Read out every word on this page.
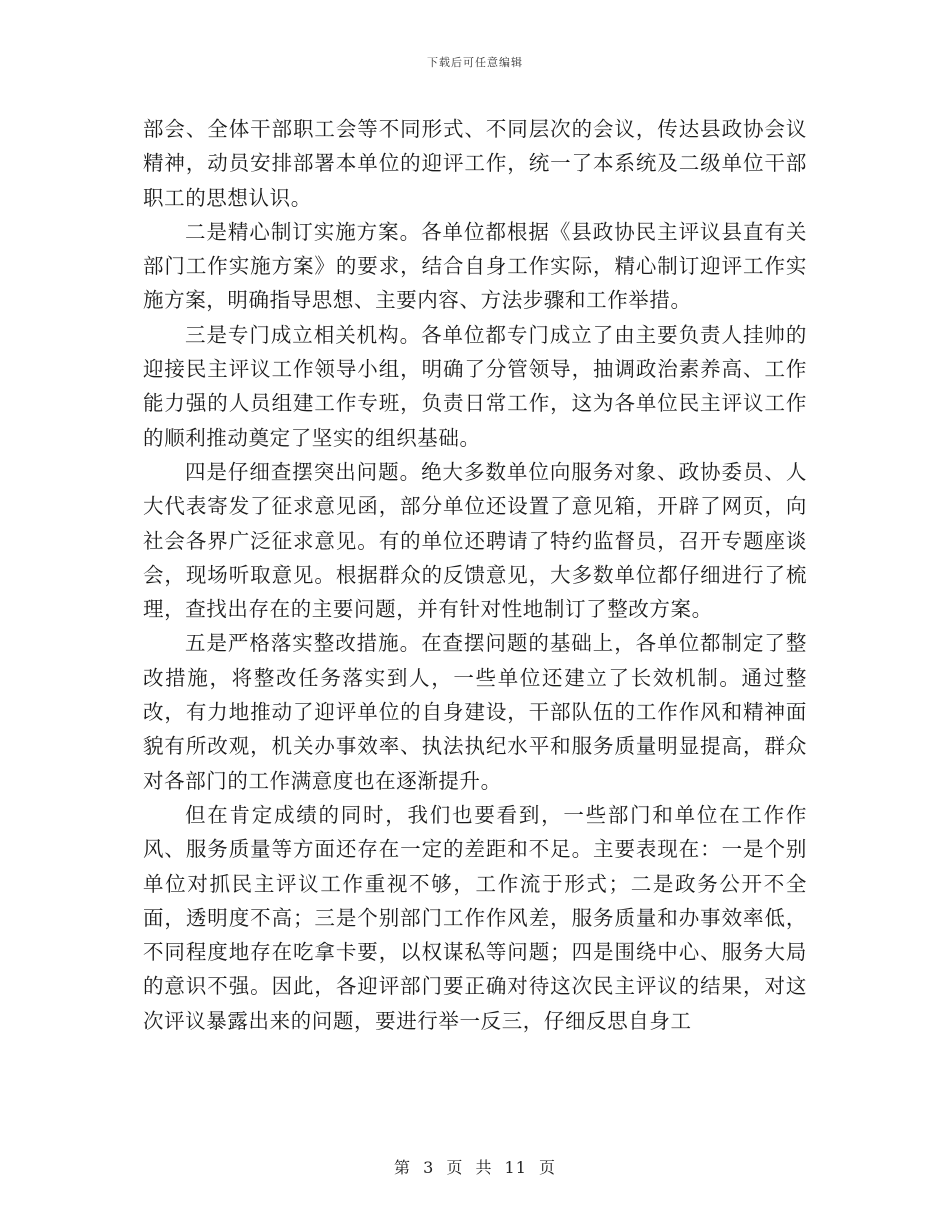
下载后可任意编辑

部会、全体干部职工会等不同形式、不同层次的会议，传达县政协会议精神，动员安排部署本单位的迎评工作，统一了本系统及二级单位干部职工的思想认识。

二是精心制订实施方案。各单位都根据《县政协民主评议县直有关部门工作实施方案》的要求，结合自身工作实际，精心制订迎评工作实施方案，明确指导思想、主要内容、方法步骤和工作举措。

三是专门成立相关机构。各单位都专门成立了由主要负责人挂帅的迎接民主评议工作领导小组，明确了分管领导，抽调政治素养高、工作能力强的人员组建工作专班，负责日常工作，这为各单位民主评议工作的顺利推动奠定了坚实的组织基础。

四是仔细查摆突出问题。绝大多数单位向服务对象、政协委员、人大代表寄发了征求意见函，部分单位还设置了意见箱，开辟了网页，向社会各界广泛征求意见。有的单位还聘请了特约监督员，召开专题座谈会，现场听取意见。根据群众的反馈意见，大多数单位都仔细进行了梳理，查找出存在的主要问题，并有针对性地制订了整改方案。

五是严格落实整改措施。在查摆问题的基础上，各单位都制定了整改措施，将整改任务落实到人，一些单位还建立了长效机制。通过整改，有力地推动了迎评单位的自身建设，干部队伍的工作作风和精神面貌有所改观，机关办事效率、执法执纪水平和服务质量明显提高，群众对各部门的工作满意度也在逐渐提升。

但在肯定成绩的同时，我们也要看到，一些部门和单位在工作作风、服务质量等方面还存在一定的差距和不足。主要表现在：一是个别单位对抓民主评议工作重视不够，工作流于形式；二是政务公开不全面，透明度不高；三是个别部门工作作风差，服务质量和办事效率低，不同程度地存在吃拿卡要，以权谋私等问题；四是围绕中心、服务大局的意识不强。因此，各迎评部门要正确对待这次民主评议的结果，对这次评议暴露出来的问题，要进行举一反三，仔细反思自身工

第 3 页 共 11 页
